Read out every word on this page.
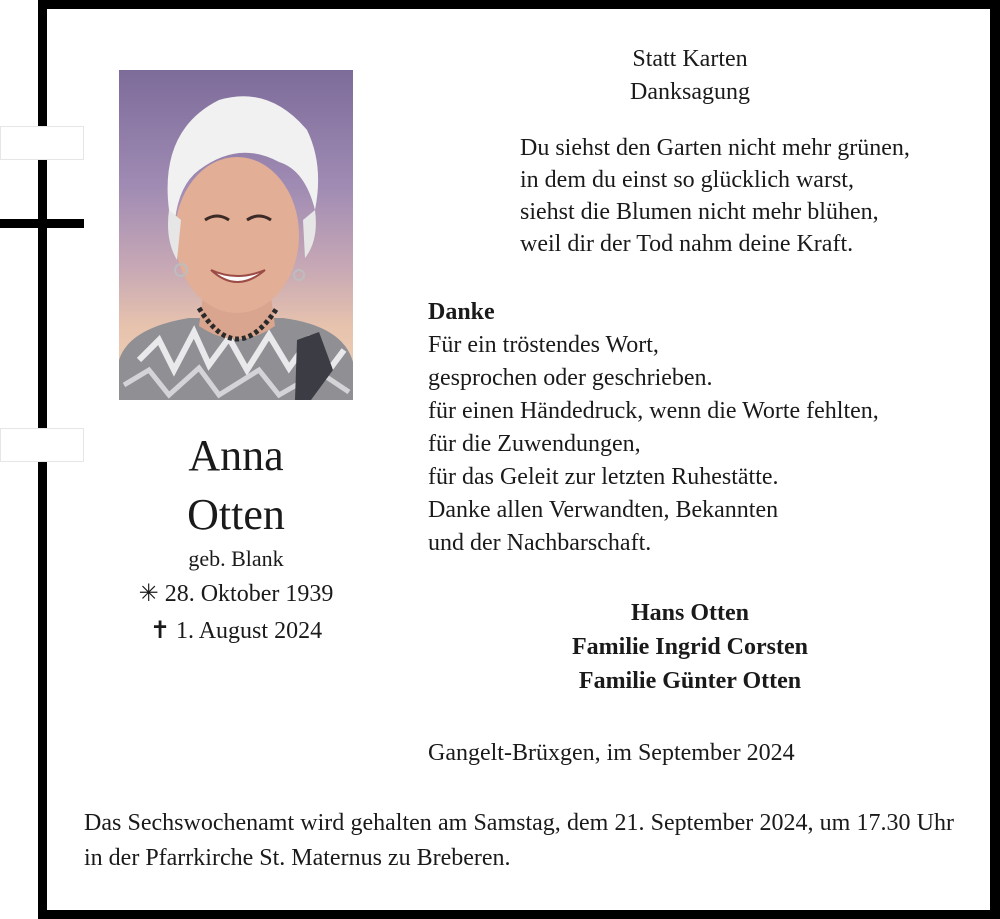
Anna
Otten
geb. Blank
✳ 28. Oktober 1939
✝ 1. August 2024
Statt Karten
Danksagung
Du siehst den Garten nicht mehr grünen,
in dem du einst so glücklich warst,
siehst die Blumen nicht mehr blühen,
weil dir der Tod nahm deine Kraft.
Danke
Für ein tröstendes Wort,
gesprochen oder geschrieben.
für einen Händedruck, wenn die Worte fehlten,
für die Zuwendungen,
für das Geleit zur letzten Ruhestätte.
Danke allen Verwandten, Bekannten
und der Nachbarschaft.
Hans Otten
Familie Ingrid Corsten
Familie Günter Otten
Gangelt-Brüxgen, im September 2024
Das Sechswochenamt wird gehalten am Samstag, dem 21. September 2024, um 17.30 Uhr in der Pfarrkirche St. Maternus zu Breberen.
